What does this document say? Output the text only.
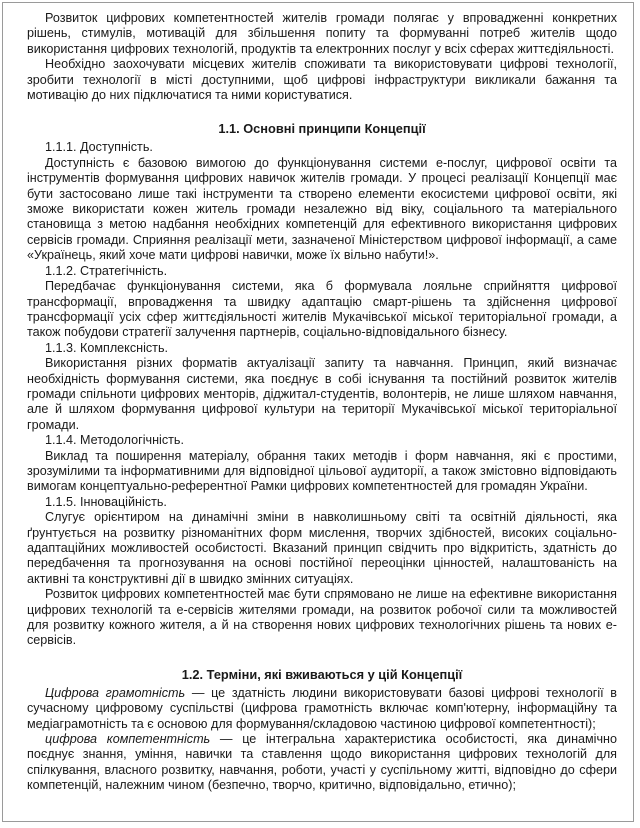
Розвиток цифрових компетентностей жителів громади полягає у впровадженні конкретних рішень, стимулів, мотивацій для збільшення попиту та формуванні потреб жителів щодо використання цифрових технологій, продуктів та електронних послуг у всіх сферах життєдіяльності.

Необхідно заохочувати місцевих жителів споживати та використовувати цифрові технології, зробити технології в місті доступними, щоб цифрові інфраструктури викликали бажання та мотивацію до них підключатися та ними користуватися.

1.1. Основні принципи Концепції
1.1.1. Доступність.

Доступність є базовою вимогою до функціонування системи е-послуг, цифрової освіти та інструментів формування цифрових навичок жителів громади. У процесі реалізації Концепції має бути застосовано лише такі інструменти та створено елементи екосистеми цифрової освіти, які зможе використати кожен житель громади незалежно від віку, соціального та матеріального становища з метою надбання необхідних компетенцій для ефективного використання цифрових сервісів громади. Сприяння реалізації мети, зазначеної Міністерством цифрової інформації, а саме «Українець, який хоче мати цифрові навички, може їх вільно набути!».

1.1.2. Стратегічність.

Передбачає функціонування системи, яка б формувала лояльне сприйняття цифрової трансформації, впровадження та швидку адаптацію смарт-рішень та здійснення цифрової трансформації усіх сфер життєдіяльності жителів Мукачівської міської територіальної громади, а також побудови стратегії залучення партнерів, соціально-відповідального бізнесу.

1.1.3. Комплексність.

Використання різних форматів актуалізації запиту та навчання. Принцип, який визначає необхідність формування системи, яка поєднує в собі існування та постійний розвиток жителів громади спільноти цифрових менторів, діджитал-студентів, волонтерів, не лише шляхом навчання, але й шляхом формування цифрової культури на території Мукачівської міської територіальної громади.

1.1.4. Методологічність.

Виклад та поширення матеріалу, обрання таких методів і форм навчання, які є простими, зрозумілими та інформативними для відповідної цільової аудиторії, а також змістовно відповідають вимогам концептуально-референтної Рамки цифрових компетентностей для громадян України.

1.1.5. Інноваційність.

Слугує орієнтиром на динамічні зміни в навколишньому світі та освітній діяльності, яка ґрунтується на розвитку різноманітних форм мислення, творчих здібностей, високих соціально-адаптаційних можливостей особистості. Вказаний принцип свідчить про відкритість, здатність до передбачення та прогнозування на основі постійної переоцінки цінностей, налаштованість на активні та конструктивні дії в швидко змінних ситуаціях.

Розвиток цифрових компетентностей має бути спрямовано не лише на ефективне використання цифрових технологій та е-сервісів жителями громади, на розвиток робочої сили та можливостей для розвитку кожного жителя, а й на створення нових цифрових технологічних рішень та нових е-сервісів.

1.2. Терміни, які вживаються у цій Концепції

Цифрова грамотність — це здатність людини використовувати базові цифрові технології в сучасному цифровому суспільстві (цифрова грамотність включає комп'ютерну, інформаційну та медіаграмотність та є основою для формування/складовою частиною цифрової компетентності);

цифрова компетентність — це інтегральна характеристика особистості, яка динамічно поєднує знання, уміння, навички та ставлення щодо використання цифрових технологій для спілкування, власного розвитку, навчання, роботи, участі у суспільному житті, відповідно до сфери компетенцій, належним чином (безпечно, творчо, критично, відповідально, етично);
